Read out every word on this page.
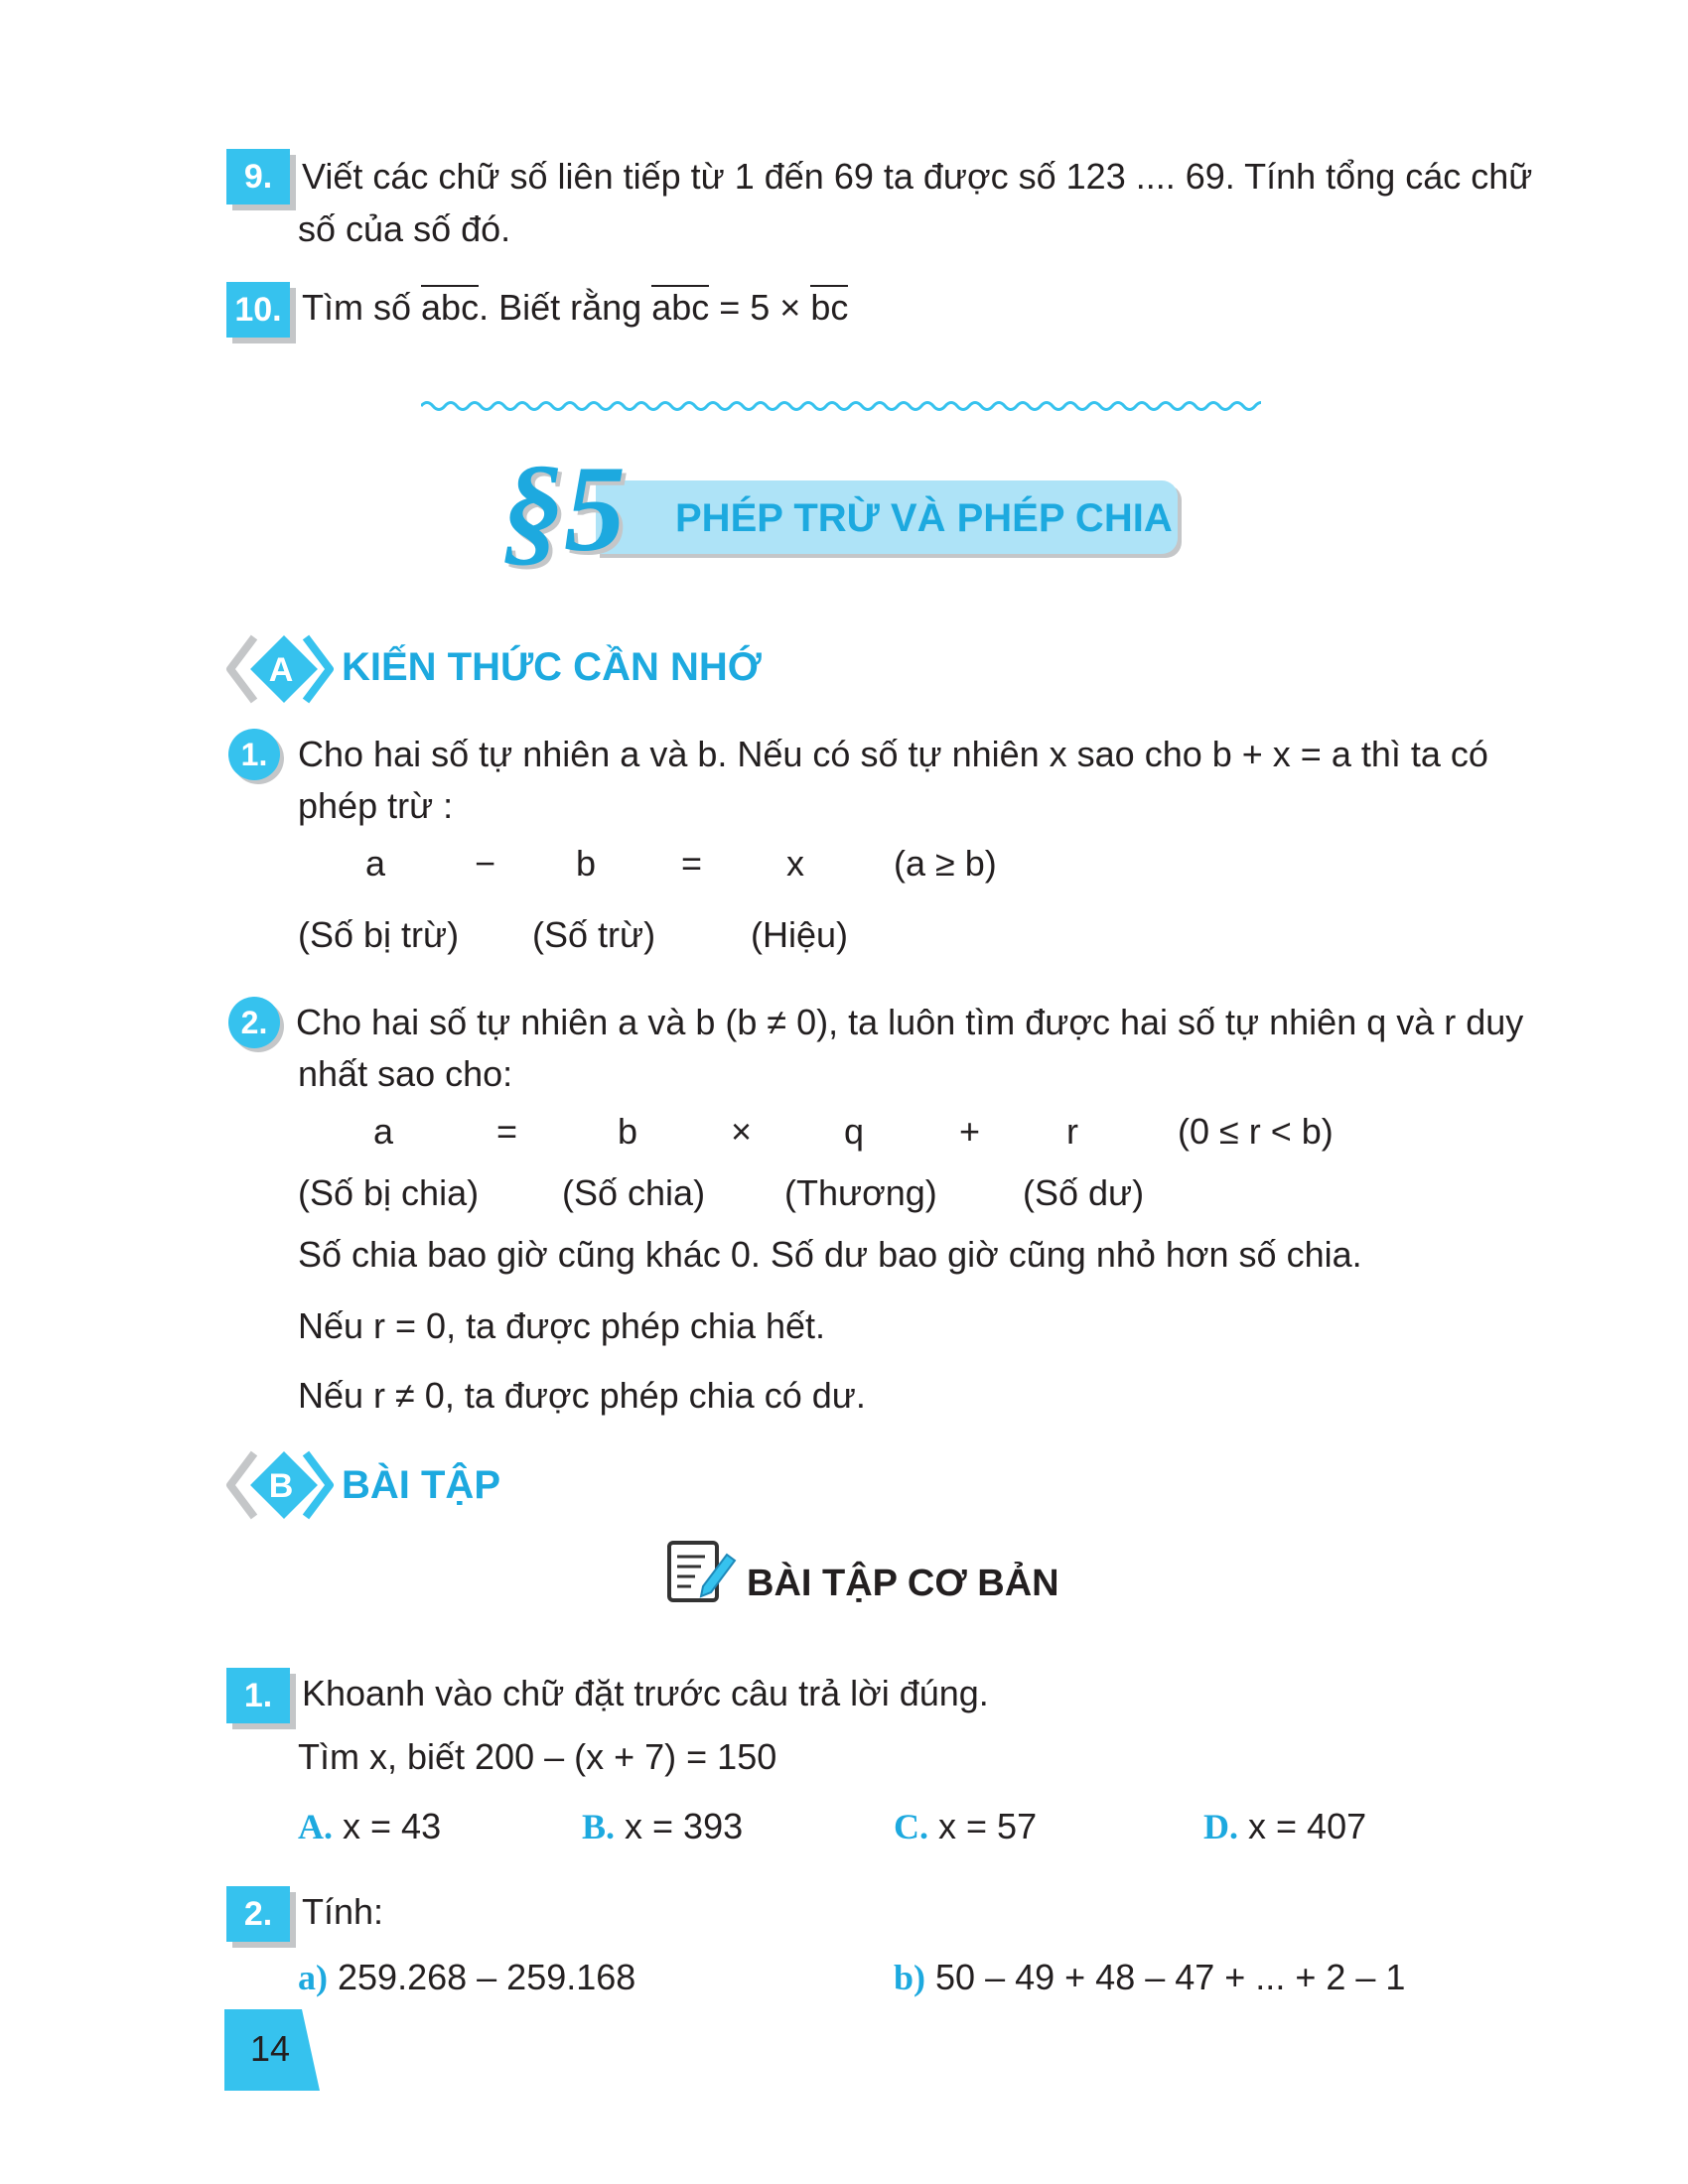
9. Viết các chữ số liên tiếp từ 1 đến 69 ta được số 123 .... 69. Tính tổng các chữ
số của số đó.
10. Tìm số abc. Biết rằng abc = 5 × bc
§5 PHÉP TRỪ VÀ PHÉP CHIA
A KIẾN THỨC CẦN NHỚ
1. Cho hai số tự nhiên a và b. Nếu có số tự nhiên x sao cho b + x = a thì ta có
phép trừ :
a − b = x	(a ≥ b)
(Số bị trừ) (Số trừ)	(Hiệu)
2. Cho hai số tự nhiên a và b (b ≠ 0), ta luôn tìm được hai số tự nhiên q và r duy
nhất sao cho:
a	=	b	×	q	+ r	(0 ≤ r < b)
(Số bị chia) (Số chia) (Thương) (Số dư)
Số chia bao giờ cũng khác 0. Số dư bao giờ cũng nhỏ hơn số chia.
Nếu r = 0, ta được phép chia hết.
Nếu r ≠ 0, ta được phép chia có dư.
B BÀI TẬP
BÀI TẬP CƠ BẢN
1. Khoanh vào chữ đặt trước câu trả lời đúng.
Tìm x, biết 200 – (x + 7) = 150
A. x = 43	B. x = 393	C. x = 57	D. x = 407
2. Tính:
a) 259.268 – 259.168	b) 50 – 49 + 48 – 47 + ... + 2 – 1
14
